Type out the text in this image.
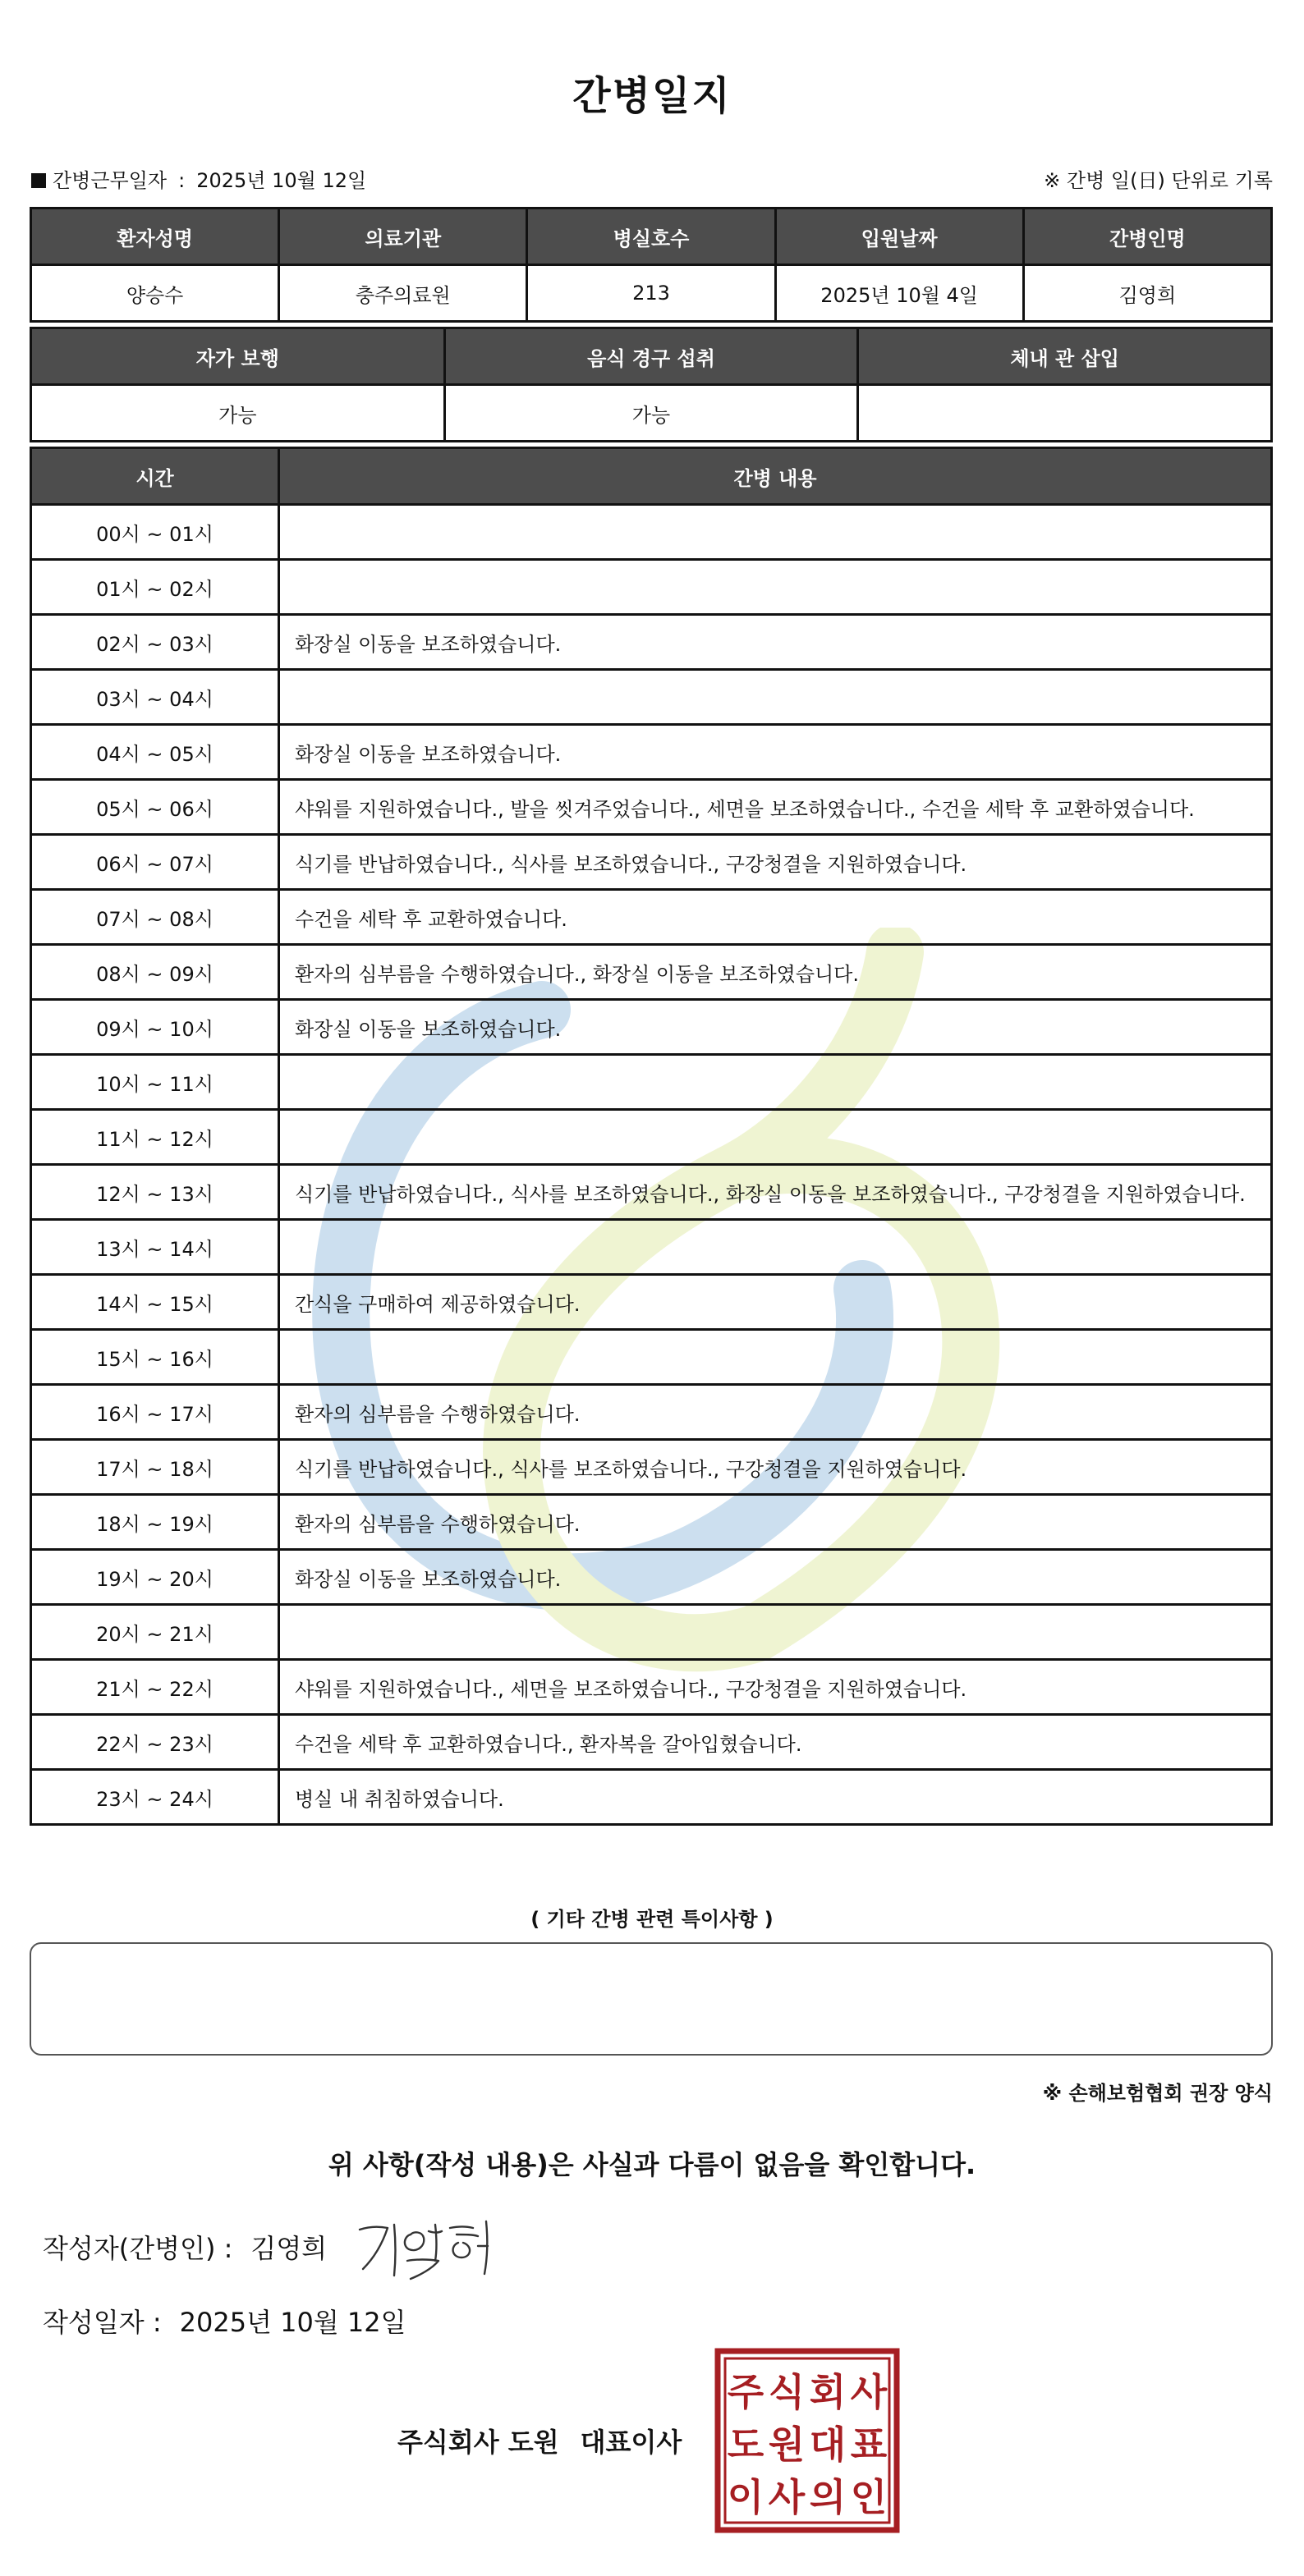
간병일지
간병근무일자 : 2025년 10월 12일	※ 간병 일(日) 단위로 기록
환자성명	의료기관	병실호수	입원날짜	간병인명
양승수	충주의료원	213	2025년 10월 4일	김영희
자가 보행	음식 경구 섭취	체내 관 삽입
가능	가능	
시간	간병 내용
00시 ~ 01시	
01시 ~ 02시	
02시 ~ 03시	화장실 이동을 보조하였습니다.
03시 ~ 04시	
04시 ~ 05시	화장실 이동을 보조하였습니다.
05시 ~ 06시	샤워를 지원하였습니다., 발을 씻겨주었습니다., 세면을 보조하였습니다., 수건을 세탁 후 교환하였습니다.
06시 ~ 07시	식기를 반납하였습니다., 식사를 보조하였습니다., 구강청결을 지원하였습니다.
07시 ~ 08시	수건을 세탁 후 교환하였습니다.
08시 ~ 09시	환자의 심부름을 수행하였습니다., 화장실 이동을 보조하였습니다.
09시 ~ 10시	화장실 이동을 보조하였습니다.
10시 ~ 11시	
11시 ~ 12시	
12시 ~ 13시	식기를 반납하였습니다., 식사를 보조하였습니다., 화장실 이동을 보조하였습니다., 구강청결을 지원하였습니다.
13시 ~ 14시	
14시 ~ 15시	간식을 구매하여 제공하였습니다.
15시 ~ 16시	
16시 ~ 17시	환자의 심부름을 수행하였습니다.
17시 ~ 18시	식기를 반납하였습니다., 식사를 보조하였습니다., 구강청결을 지원하였습니다.
18시 ~ 19시	환자의 심부름을 수행하였습니다.
19시 ~ 20시	화장실 이동을 보조하였습니다.
20시 ~ 21시	
21시 ~ 22시	샤워를 지원하였습니다., 세면을 보조하였습니다., 구강청결을 지원하였습니다.
22시 ~ 23시	수건을 세탁 후 교환하였습니다., 환자복을 갈아입혔습니다.
23시 ~ 24시	병실 내 취침하였습니다.
( 기타 간병 관련 특이사항 )
※ 손해보험협회 권장 양식
위 사항(작성 내용)은 사실과 다름이 없음을 확인합니다.
작성자(간병인) : 김영희
작성일자 : 2025년 10월 12일
주식회사 도원 대표이사
주 식 회 사
도 원 대 표
이 사 의 인
